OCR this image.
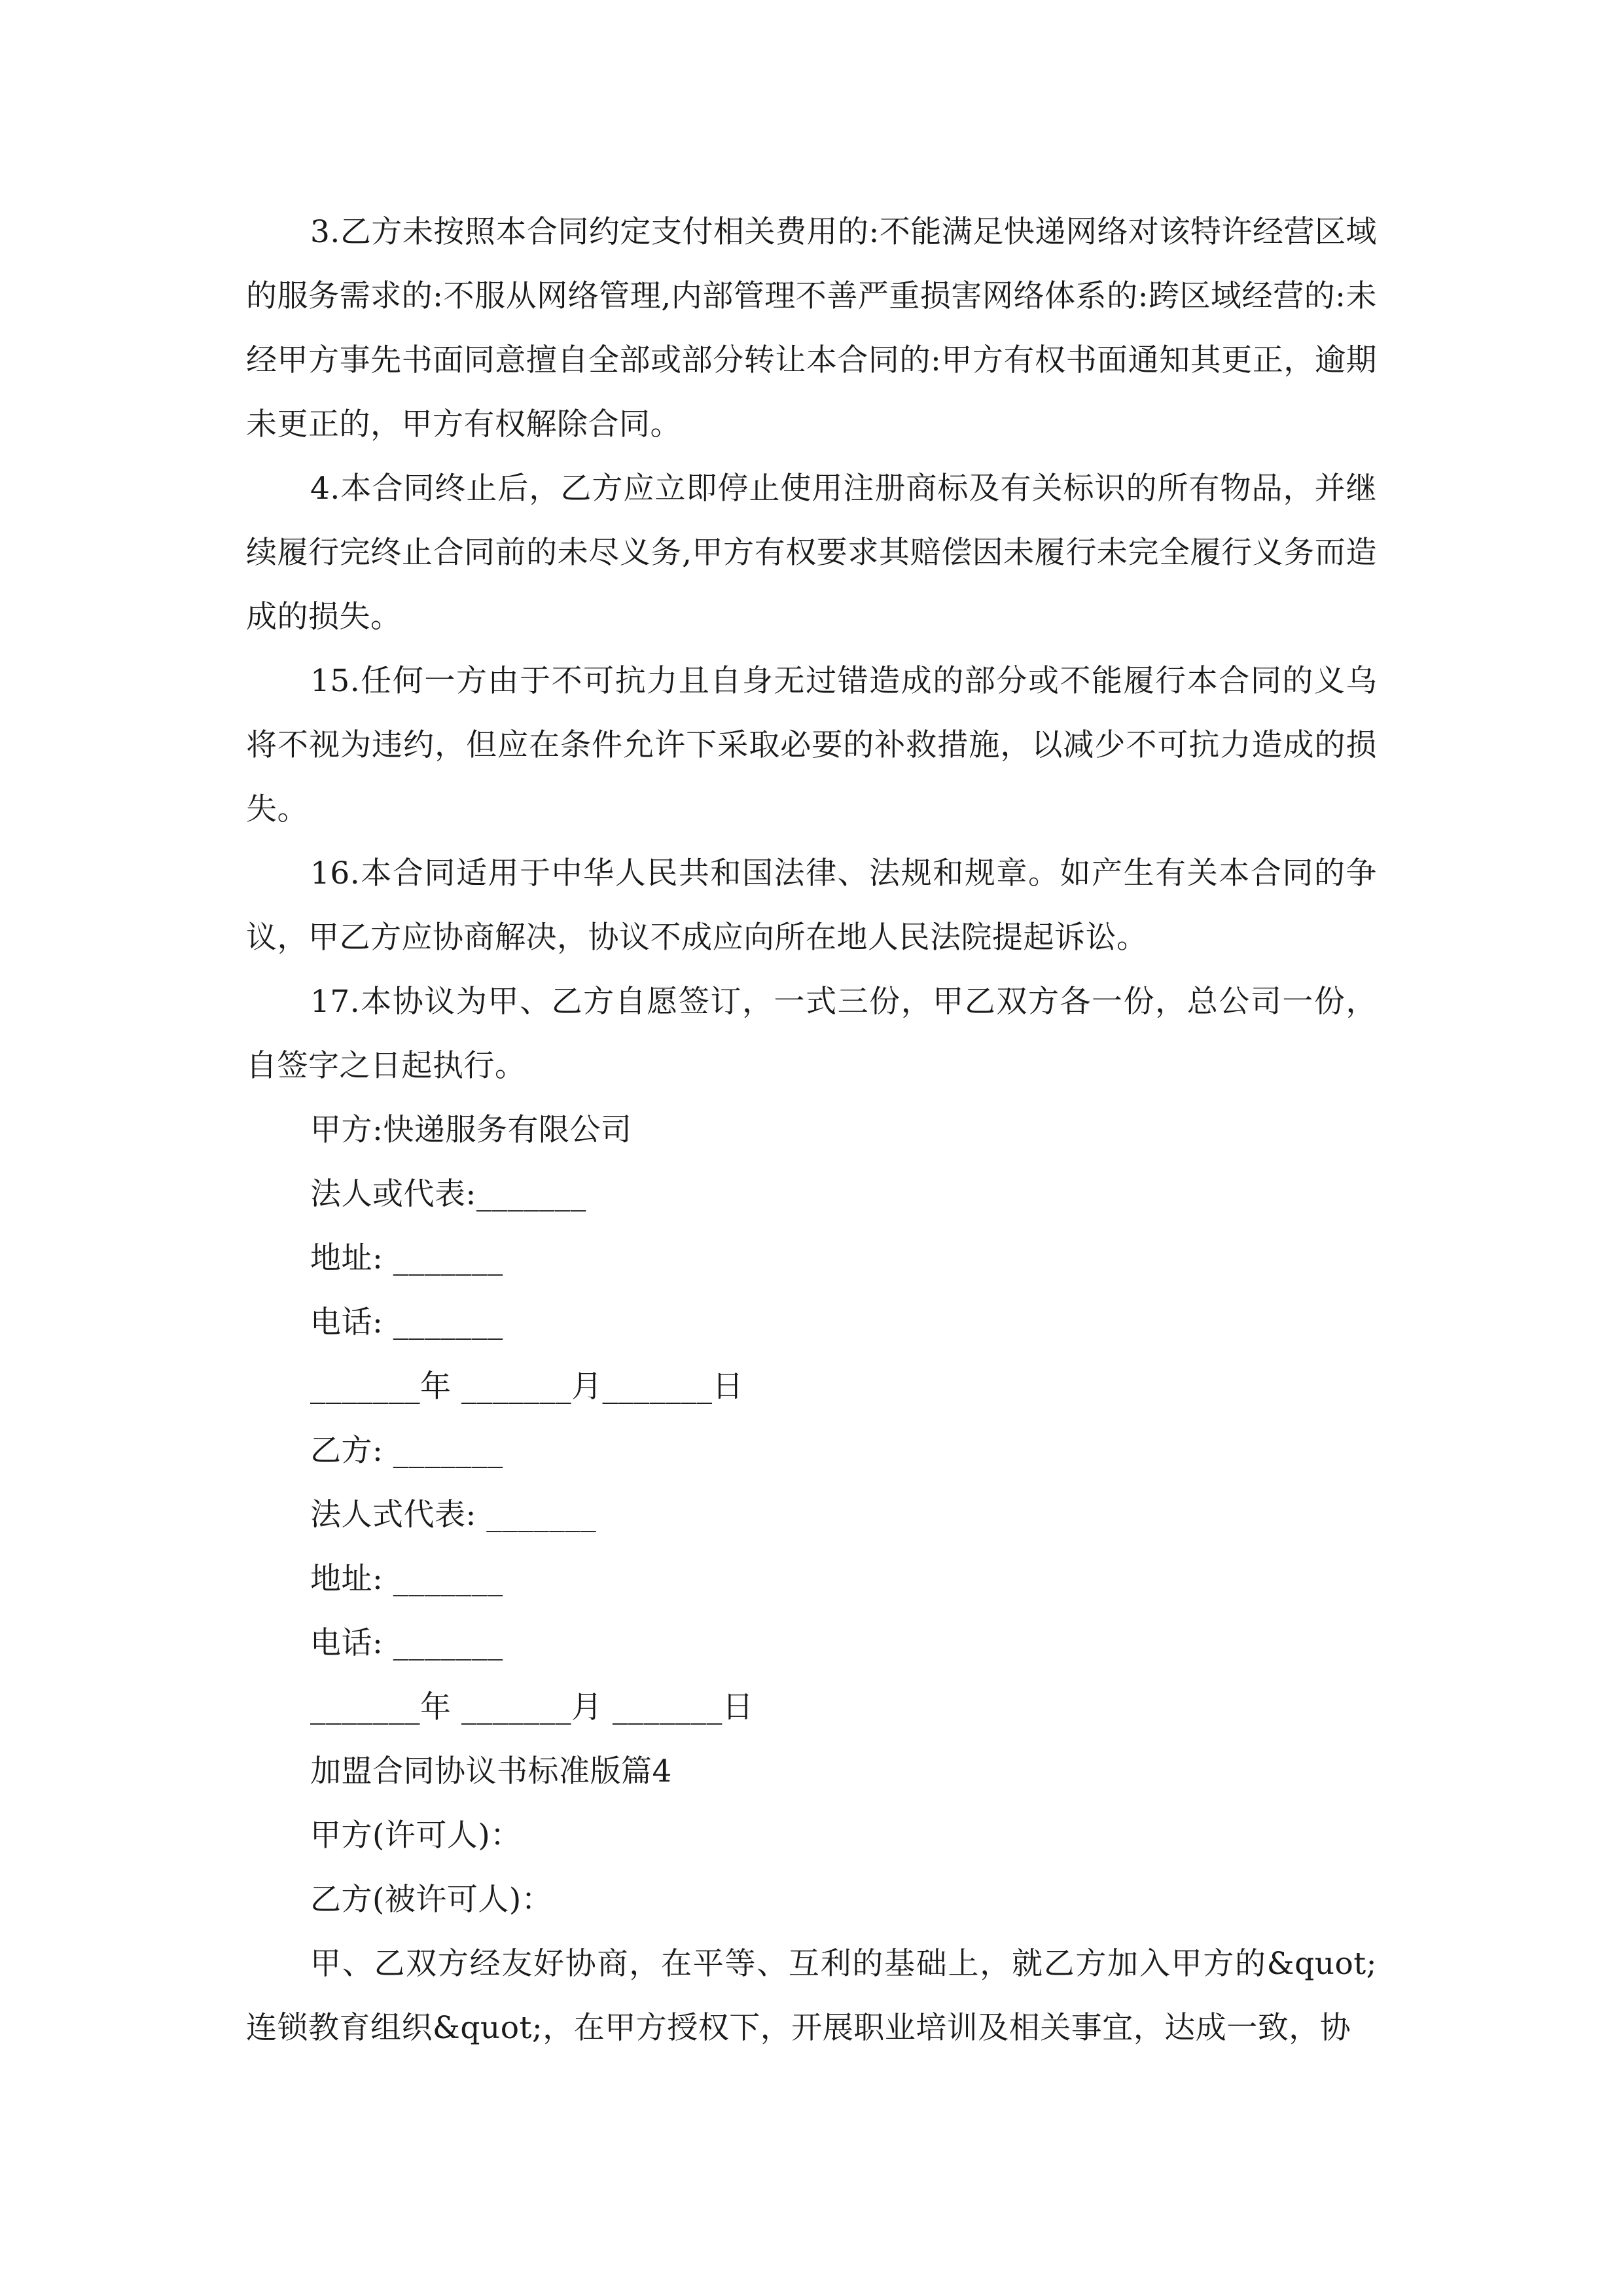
3.乙方未按照本合同约定支付相关费用的:不能满足快递网络对该特许经营区域的服务需求的:不服从网络管理,内部管理不善严重损害网络体系的:跨区域经营的:未经甲方事先书面同意擅自全部或部分转让本合同的:甲方有权书面通知其更正，逾期未更正的，甲方有权解除合同。

4.本合同终止后，乙方应立即停止使用注册商标及有关标识的所有物品，并继续履行完终止合同前的未尽义务,甲方有权要求其赔偿因未履行未完全履行义务而造成的损失。

15.任何一方由于不可抗力且自身无过错造成的部分或不能履行本合同的义乌将不视为违约，但应在条件允许下采取必要的补救措施，以减少不可抗力造成的损失。

16.本合同适用于中华人民共和国法律、法规和规章。如产生有关本合同的争议，甲乙方应协商解决，协议不成应向所在地人民法院提起诉讼。

17.本协议为甲、乙方自愿签订，一式三份，甲乙双方各一份，总公司一份，自签字之日起执行。

甲方:快递服务有限公司

法人或代表:_______

地址: _______

电话: _______

_______年 _______月_______日

乙方: _______

法人式代表: _______

地址: _______

电话: _______

_______年 _______月 _______日

加盟合同协议书标准版篇4

甲方(许可人)：

乙方(被许可人)：

甲、乙双方经友好协商，在平等、互利的基础上，就乙方加入甲方的&quot;连锁教育组织&quot;，在甲方授权下，开展职业培训及相关事宜，达成一致，协
